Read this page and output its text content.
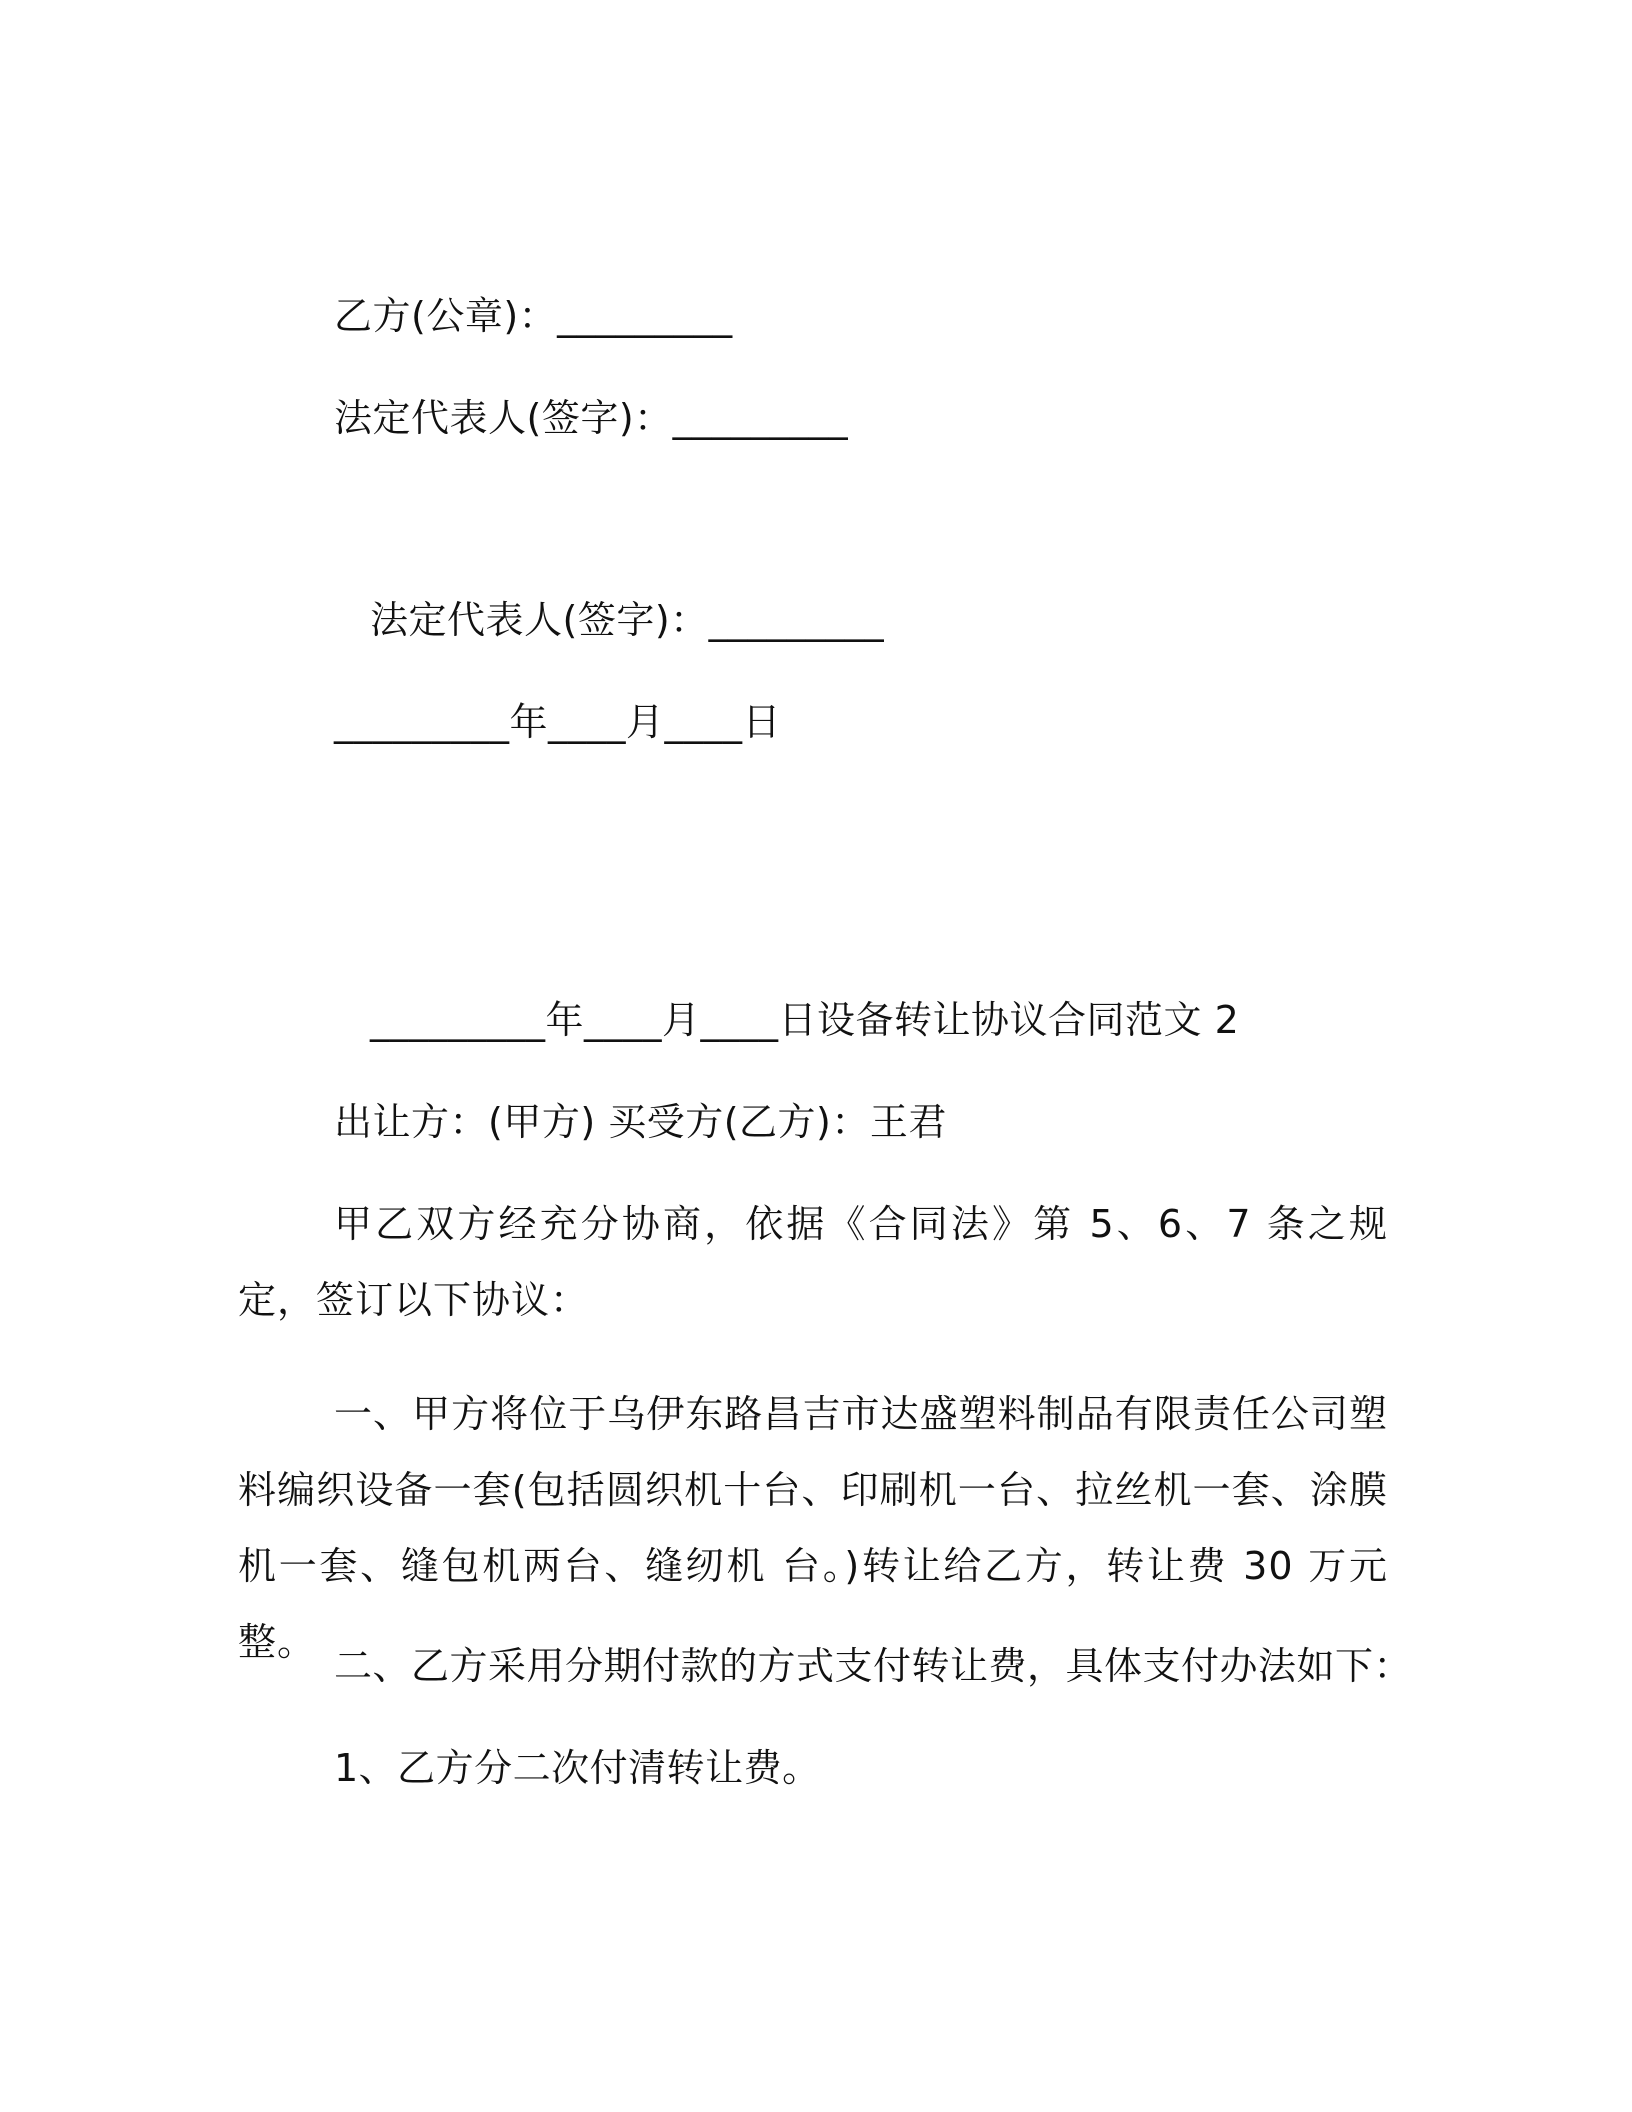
乙方(公章)：_________
法定代表人(签字)：_________
法定代表人(签字)：_________
_________年____月____日
_________年____月____日设备转让协议合同范文 2
出让方：(甲方) 买受方(乙方)：王君
甲乙双方经充分协商，依据《合同法》第 5、6、7 条之规定，签订以下协议：
一、甲方将位于乌伊东路昌吉市达盛塑料制品有限责任公司塑料编织设备一套(包括圆织机十台、印刷机一台、拉丝机一套、涂膜机一套、缝包机两台、缝纫机 台。)转让给乙方，转让费 30 万元整。
二、乙方采用分期付款的方式支付转让费，具体支付办法如下：
1、乙方分二次付清转让费。
